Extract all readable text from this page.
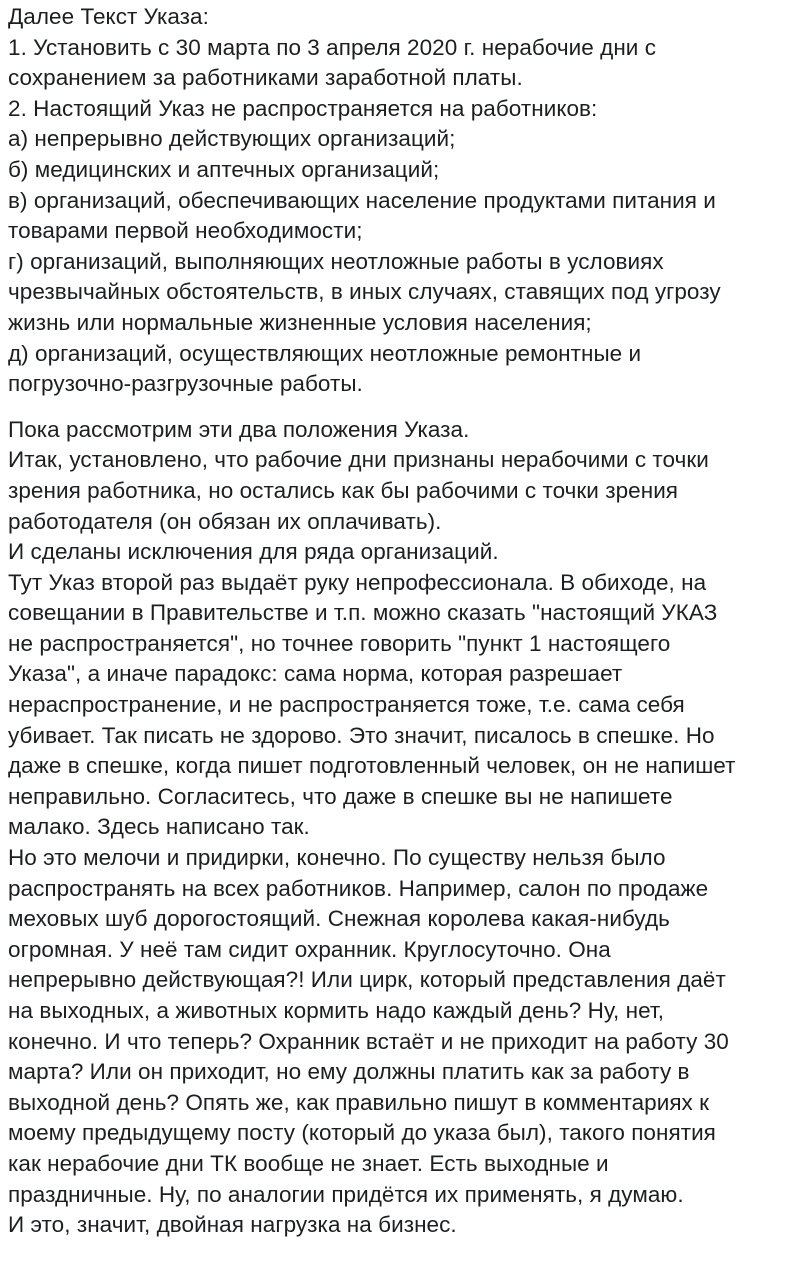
Далее Текст Указа:
1. Установить с 30 марта по 3 апреля 2020 г. нерабочие дни с
сохранением за работниками заработной платы.
2. Настоящий Указ не распространяется на работников:
а) непрерывно действующих организаций;
б) медицинских и аптечных организаций;
в) организаций, обеспечивающих население продуктами питания и
товарами первой необходимости;
г) организаций, выполняющих неотложные работы в условиях
чрезвычайных обстоятельств, в иных случаях, ставящих под угрозу
жизнь или нормальные жизненные условия населения;
д) организаций, осуществляющих неотложные ремонтные и
погрузочно-разгрузочные работы.
Пока рассмотрим эти два положения Указа.
Итак, установлено, что рабочие дни признаны нерабочими с точки
зрения работника, но остались как бы рабочими с точки зрения
работодателя (он обязан их оплачивать).
И сделаны исключения для ряда организаций.
Тут Указ второй раз выдаёт руку непрофессионала. В обиходе, на
совещании в Правительстве и т.п. можно сказать "настоящий УКАЗ
не распространяется", но точнее говорить "пункт 1 настоящего
Указа", а иначе парадокс: сама норма, которая разрешает
нераспространение, и не распространяется тоже, т.е. сама себя
убивает. Так писать не здорово. Это значит, писалось в спешке. Но
даже в спешке, когда пишет подготовленный человек, он не напишет
неправильно. Согласитесь, что даже в спешке вы не напишете
малако. Здесь написано так.
Но это мелочи и придирки, конечно. По существу нельзя было
распространять на всех работников. Например, салон по продаже
меховых шуб дорогостоящий. Снежная королева какая-нибудь
огромная. У неё там сидит охранник. Круглосуточно. Она
непрерывно действующая?! Или цирк, который представления даёт
на выходных, а животных кормить надо каждый день? Ну, нет,
конечно. И что теперь? Охранник встаёт и не приходит на работу 30
марта? Или он приходит, но ему должны платить как за работу в
выходной день? Опять же, как правильно пишут в комментариях к
моему предыдущему посту (который до указа был), такого понятия
как нерабочие дни ТК вообще не знает. Есть выходные и
праздничные. Ну, по аналогии придётся их применять, я думаю.
И это, значит, двойная нагрузка на бизнес.
